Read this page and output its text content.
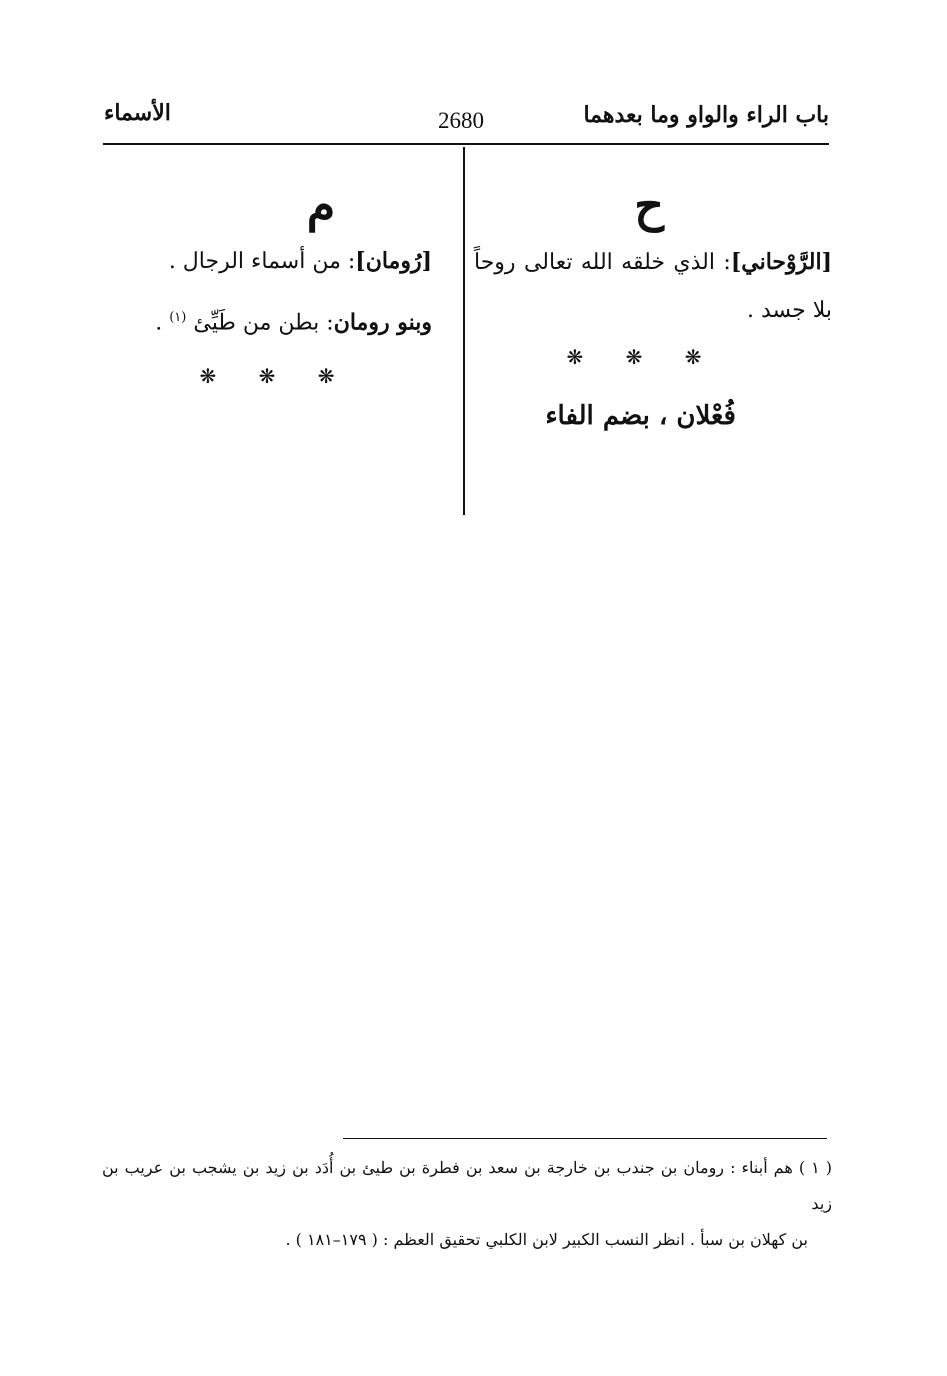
باب الراء والواو وما بعدهما
2680
الأسماء
ح
[الرَّوْحاني]: الذي خلقه الله تعالى روحاً بلا جسد .
❋ ❋ ❋
فُعْلان ، بضم الفاء
م
[رُومان]: من أسماء الرجال .
وبنو رومان: بطن من طَيِّئ $^{(١)}$ .
❋ ❋ ❋

( ١ ) هم أبناء : رومان بن جندب بن خارجة بن سعد بن فطرة بن طيئ بن أُدَد بن زيد بن يشجب بن عريب بن زيد

بن كهلان بن سبأ . انظر النسب الكبير لابن الكلبي تحقيق العظم : ( ١٧٩–١٨١ ) .
